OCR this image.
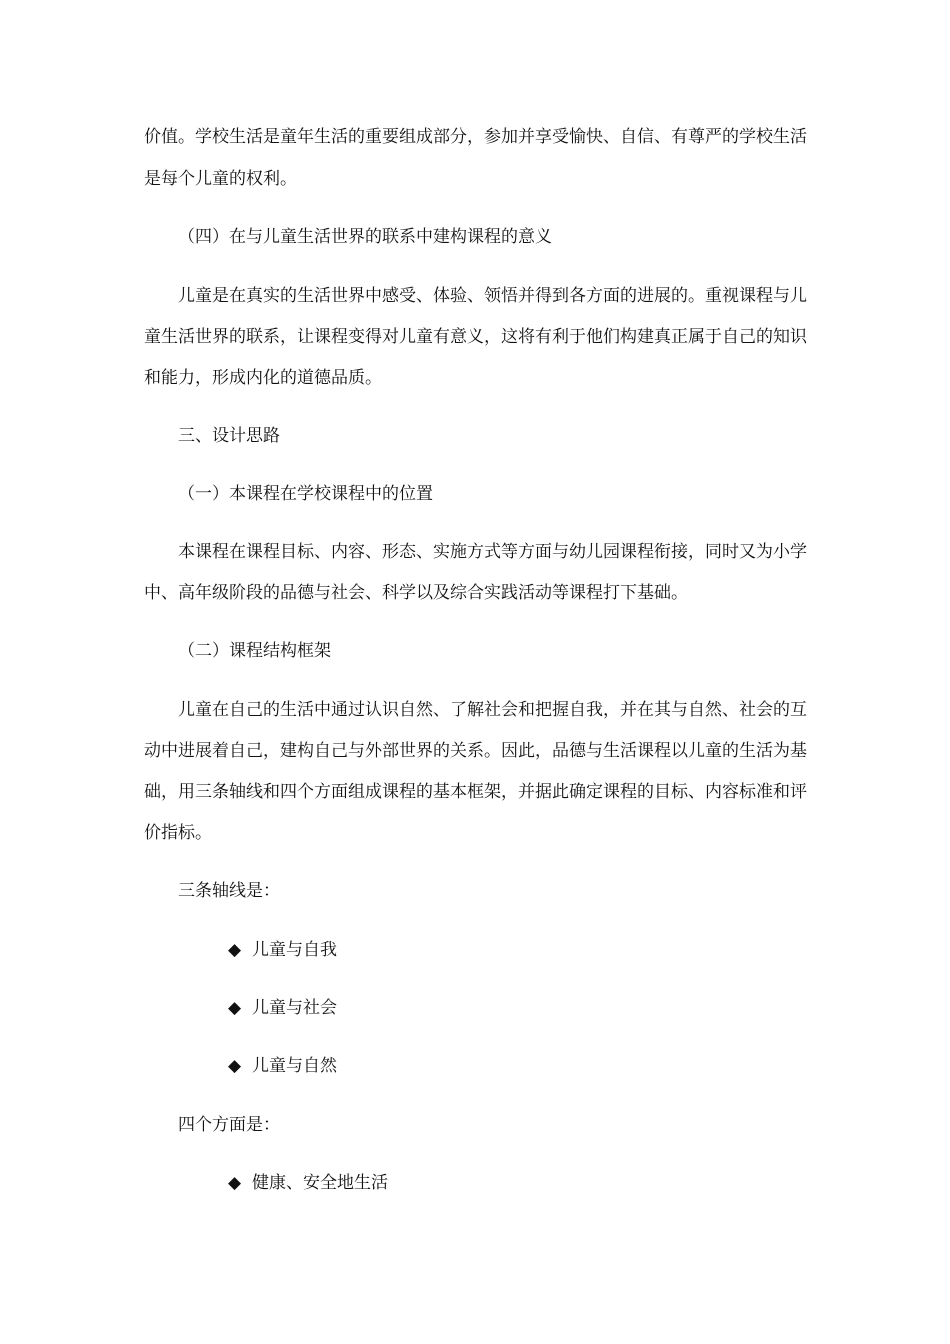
价值。学校生活是童年生活的重要组成部分，参加并享受愉快、自信、有尊严的学校生活
是每个儿童的权利。
（四）在与儿童生活世界的联系中建构课程的意义
儿童是在真实的生活世界中感受、体验、领悟并得到各方面的进展的。重视课程与儿
童生活世界的联系，让课程变得对儿童有意义，这将有利于他们构建真正属于自己的知识
和能力，形成内化的道德品质。
三、设计思路
（一）本课程在学校课程中的位置
本课程在课程目标、内容、形态、实施方式等方面与幼儿园课程衔接，同时又为小学
中、高年级阶段的品德与社会、科学以及综合实践活动等课程打下基础。
（二）课程结构框架
儿童在自己的生活中通过认识自然、了解社会和把握自我，并在其与自然、社会的互
动中进展着自己，建构自己与外部世界的关系。因此，品德与生活课程以儿童的生活为基
础，用三条轴线和四个方面组成课程的基本框架，并据此确定课程的目标、内容标准和评
价指标。
三条轴线是：
◆ 儿童与自我
◆ 儿童与社会
◆ 儿童与自然
四个方面是：
◆ 健康、安全地生活
